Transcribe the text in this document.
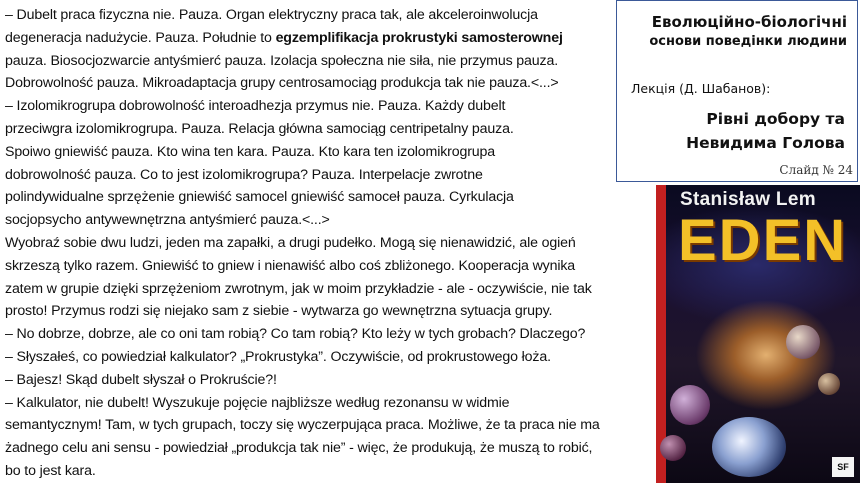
– Dubelt praca fizyczna nie. Pauza. Organ elektryczny praca tak, ale akceleroinwolucja
degeneracja nadużycie. Pauza. Południe to egzemplifikacja prokrustyki samosterownej
pauza. Biosocjozwarcie antyśmierć pauza. Izolacja społeczna nie siła, nie przymus pauza.
Dobrowolność pauza. Mikroadaptacja grupy centrosamociąg produkcja tak nie pauza.<...>
– Izolomikrogrupa dobrowolność interoadhezja przymus nie. Pauza. Każdy dubelt
przeciwgra izolomikrogrupa. Pauza. Relacja główna samociąg centripetalny pauza.
Spoiwo gniewiść pauza. Kto wina ten kara. Pauza. Kto kara ten izolomikrogrupa
dobrowolność pauza. Co to jest izolomikrogrupa? Pauza. Interpelacje zwrotne
polindywidualne sprzężenie gniewiść samocel gniewiść samoceł pauza. Cyrkulacja
socjopsycho antywewnętrzna antyśmierć pauza.<...>
Wyobraź sobie dwu ludzi, jeden ma zapałki, a drugi pudełko. Mogą się nienawidzić, ale ogień
skrzeszą tylko razem. Gniewiść to gniew i nienawiść albo coś zbliżonego. Kooperacja wynika
zatem w grupie dzięki sprzężeniom zwrotnym, jak w moim przykładzie - ale - oczywiście, nie tak
prosto! Przymus rodzi się niejako sam z siebie - wytwarza go wewnętrzna sytuacja grupy.
– No dobrze, dobrze, ale co oni tam robią? Co tam robią? Kto leży w tych grobach? Dlaczego?
– Słyszałeś, co powiedział kalkulator? „Prokrustyka”. Oczywiście, od prokrustowego łoża.
– Bajesz! Skąd dubelt słyszał o Prokruście?!
– Kalkulator, nie dubelt! Wyszukuje pojęcie najbliższe według rezonansu w widmie
semantycznym! Tam, w tych grupach, toczy się wyczerpująca praca. Możliwe, że ta praca nie ma
żadnego celu ani sensu - powiedział „produkcja tak nie” - więc, że produkują, że muszą to robić,
bo to jest kara.
Еволюційно-біологічні
основи поведінки людини
Лекція (Д. Шабанов):
Рівні добору та
Невидима Голова
Слайд № 24
Stanisław Lem
EDEN
SF
